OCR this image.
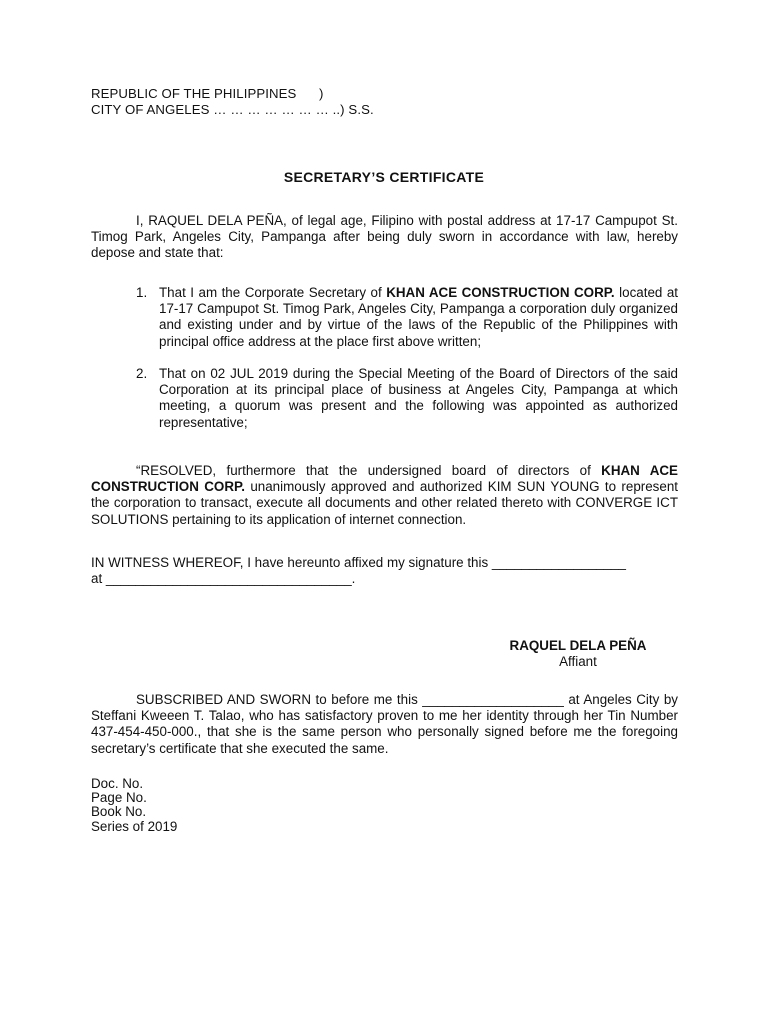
REPUBLIC OF THE PHILIPPINES      )
CITY OF ANGELES … … … … … … … ..) S.S.
SECRETARY’S CERTIFICATE
I, RAQUEL DELA PEÑA, of legal age, Filipino with postal address at 17-17 Campupot St. Timog Park, Angeles City, Pampanga after being duly sworn in accordance with law, hereby depose and state that:
1. That I am the Corporate Secretary of KHAN ACE CONSTRUCTION CORP. located at 17-17 Campupot St. Timog Park, Angeles City, Pampanga a corporation duly organized and existing under and by virtue of the laws of the Republic of the Philippines with principal office address at the place first above written;
2. That on 02 JUL 2019 during the Special Meeting of the Board of Directors of the said Corporation at its principal place of business at Angeles City, Pampanga at which meeting, a quorum was present and the following was appointed as authorized representative;
“RESOLVED, furthermore that the undersigned board of directors of KHAN ACE CONSTRUCTION CORP. unanimously approved and authorized KIM SUN YOUNG to represent the corporation to transact, execute all documents and other related thereto with CONVERGE ICT SOLUTIONS pertaining to its application of internet connection.
IN WITNESS WHEREOF, I have hereunto affixed my signature this __________________
at _________________________________.
RAQUEL DELA PEÑA
Affiant
SUBSCRIBED AND SWORN to before me this ___________________ at Angeles City by Steffani Kweeen T. Talao, who has satisfactory proven to me her identity through her Tin Number 437-454-450-000., that she is the same person who personally signed before me the foregoing secretary’s certificate that she executed the same.
Doc. No.
Page No.
Book No.
Series of 2019
